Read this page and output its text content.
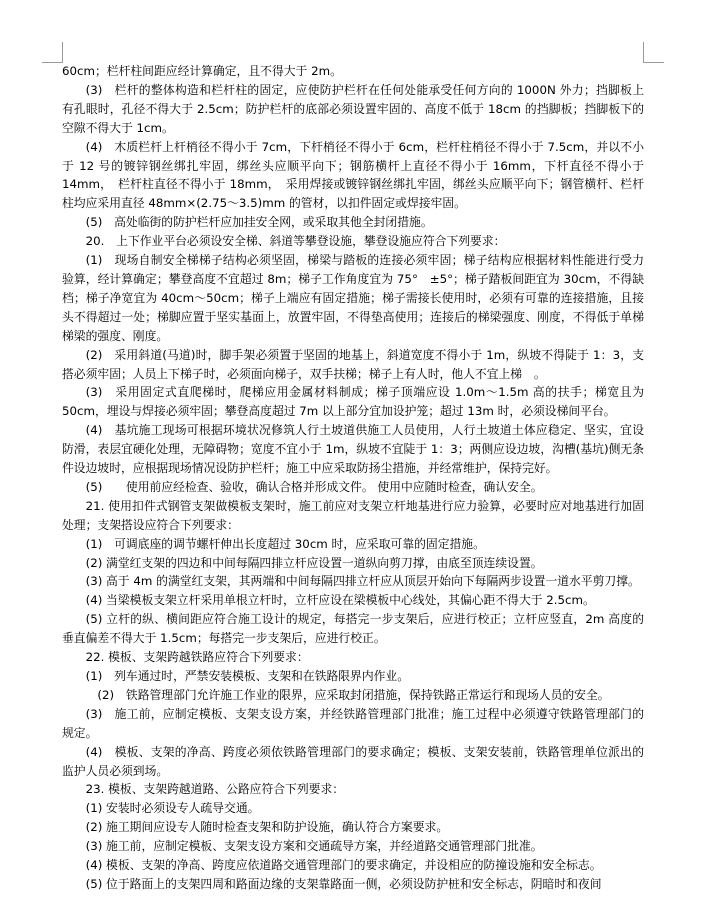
60cm；栏杆柱间距应经计算确定，且不得大于 2m。

(3)　栏杆的整体构造和栏杆柱的固定，应使防护栏杆在任何处能承受任何方向的 1000N 外力；挡脚板上有孔眼时，孔径不得大于 2.5cm；防护栏杆的底部必须设置牢固的、高度不低于 18cm 的挡脚板；挡脚板下的空隙不得大于 1cm。

(4)　木质栏杆上杆梢径不得小于 7cm，下杆梢径不得小于 6cm，栏杆柱梢径不得小于 7.5cm，并以不小于 12 号的镀锌钢丝绑扎牢固，绑丝头应顺平向下；钢筋横杆上直径不得小于 16mm，下杆直径不得小于 14mm，　栏杆柱直径不得小于 18mm，　采用焊接或镀锌钢丝绑扎牢固，绑丝头应顺平向下；钢管横杆、栏杆柱均应采用直径 48mm×(2.75～3.5)mm 的管材，以扣件固定或焊接牢固。

(5)　高处临街的防护栏杆应加挂安全网，或采取其他全封闭措施。

20.　上下作业平台必须设安全梯、斜道等攀登设施，攀登设施应符合下列要求：

(1)　现场自制安全梯梯子结构必须坚固，梯梁与踏板的连接必须牢固；梯子结构应根据材料性能进行受力验算，经计算确定；攀登高度不宜超过 8m；梯子工作角度宜为 75°　±5°；梯子踏板间距宜为 30cm，不得缺档；梯子净宽宜为 40cm～50cm；梯子上端应有固定措施；梯子需接长使用时，必须有可靠的连接措施，且接头不得超过一处；梯脚应置于坚实基面上，放置牢固，不得垫高使用；连接后的梯梁强度、刚度，不得低于单梯梯梁的强度、刚度。

(2)　采用斜道(马道)时，脚手架必须置于坚固的地基上，斜道宽度不得小于 1m，纵坡不得陡于 1：3，支搭必须牢固；人员上下梯子时，必须面向梯子，双手扶梯；梯子上有人时，他人不宜上梯　。

(3)　采用固定式直爬梯时，爬梯应用金属材料制成；梯子顶端应设 1.0m～1.5m 高的扶手；梯宽且为 50cm，埋设与焊接必须牢固；攀登高度超过 7m 以上部分宜加设护笼；超过 13m 时，必须设梯间平台。

(4)　基坑施工现场可根据环境状况修筑人行土坡道供施工人员使用，人行土坡道土体应稳定、坚实，宜设防滑，表层宜硬化处理，无障碍物；宽度不宜小于 1m，纵坡不宜陡于 1：3；两侧应设边坡，沟槽(基坑)侧无条件设边坡时，应根据现场情况设防护栏杆；施工中应采取防扬尘措施，并经常维护，保持完好。

(5)　　使用前应经检查、验收，确认合格并形成文件。 使用中应随时检查，确认安全。

21. 使用扣件式钢管支架做模板支架时，施工前应对支架立杆地基进行应力验算，必要时应对地基进行加固处理；支架搭设应符合下列要求：

(1)　可调底座的调节螺杆伸出长度超过 30cm 时，应采取可靠的固定措施。

(2) 满堂红支架的四边和中间每隔四排立杆应设置一道纵向剪刀撑，由底至顶连续设置。

(3) 高于 4m 的满堂红支架，其两端和中间每隔四排立杆应从顶层开始向下每隔两步设置一道水平剪刀撑。

(4) 当梁模板支架立杆采用单根立杆时，立杆应设在梁模板中心线处，其偏心距不得大于 2.5cm。

(5) 立杆的纵、横间距应符合施工设计的规定，每搭完一步支架后，应进行校正；立杆应竖直，2m 高度的垂直偏差不得大于 1.5cm；每搭完一步支架后，应进行校正。

22. 模板、支架跨越铁路应符合下列要求：

(1)　列车通过时，严禁安装模板、支架和在铁路限界内作业。

　(2)　铁路管理部门允许施工作业的限界，应采取封闭措施，保持铁路正常运行和现场人员的安全。

(3)　施工前，应制定模板、支架支设方案，并经铁路管理部门批准；施工过程中必须遵守铁路管理部门的规定。

(4)　模板、支架的净高、跨度必须依铁路管理部门的要求确定；模板、支架安装前，铁路管理单位派出的监护人员必须到场。

23. 模板、支架跨越道路、公路应符合下列要求：

(1) 安装时必须设专人疏导交通。

(2) 施工期间应设专人随时检查支架和防护设施，确认符合方案要求。

(3) 施工前，应制定模板、支架支设方案和交通疏导方案，并经道路交通管理部门批准。

(4) 模板、支架的净高、跨度应依道路交通管理部门的要求确定，并设相应的防撞设施和安全标志。

(5) 位于路面上的支架四周和路面边缘的支架靠路面一侧，必须设防护桩和安全标志，阴暗时和夜间
